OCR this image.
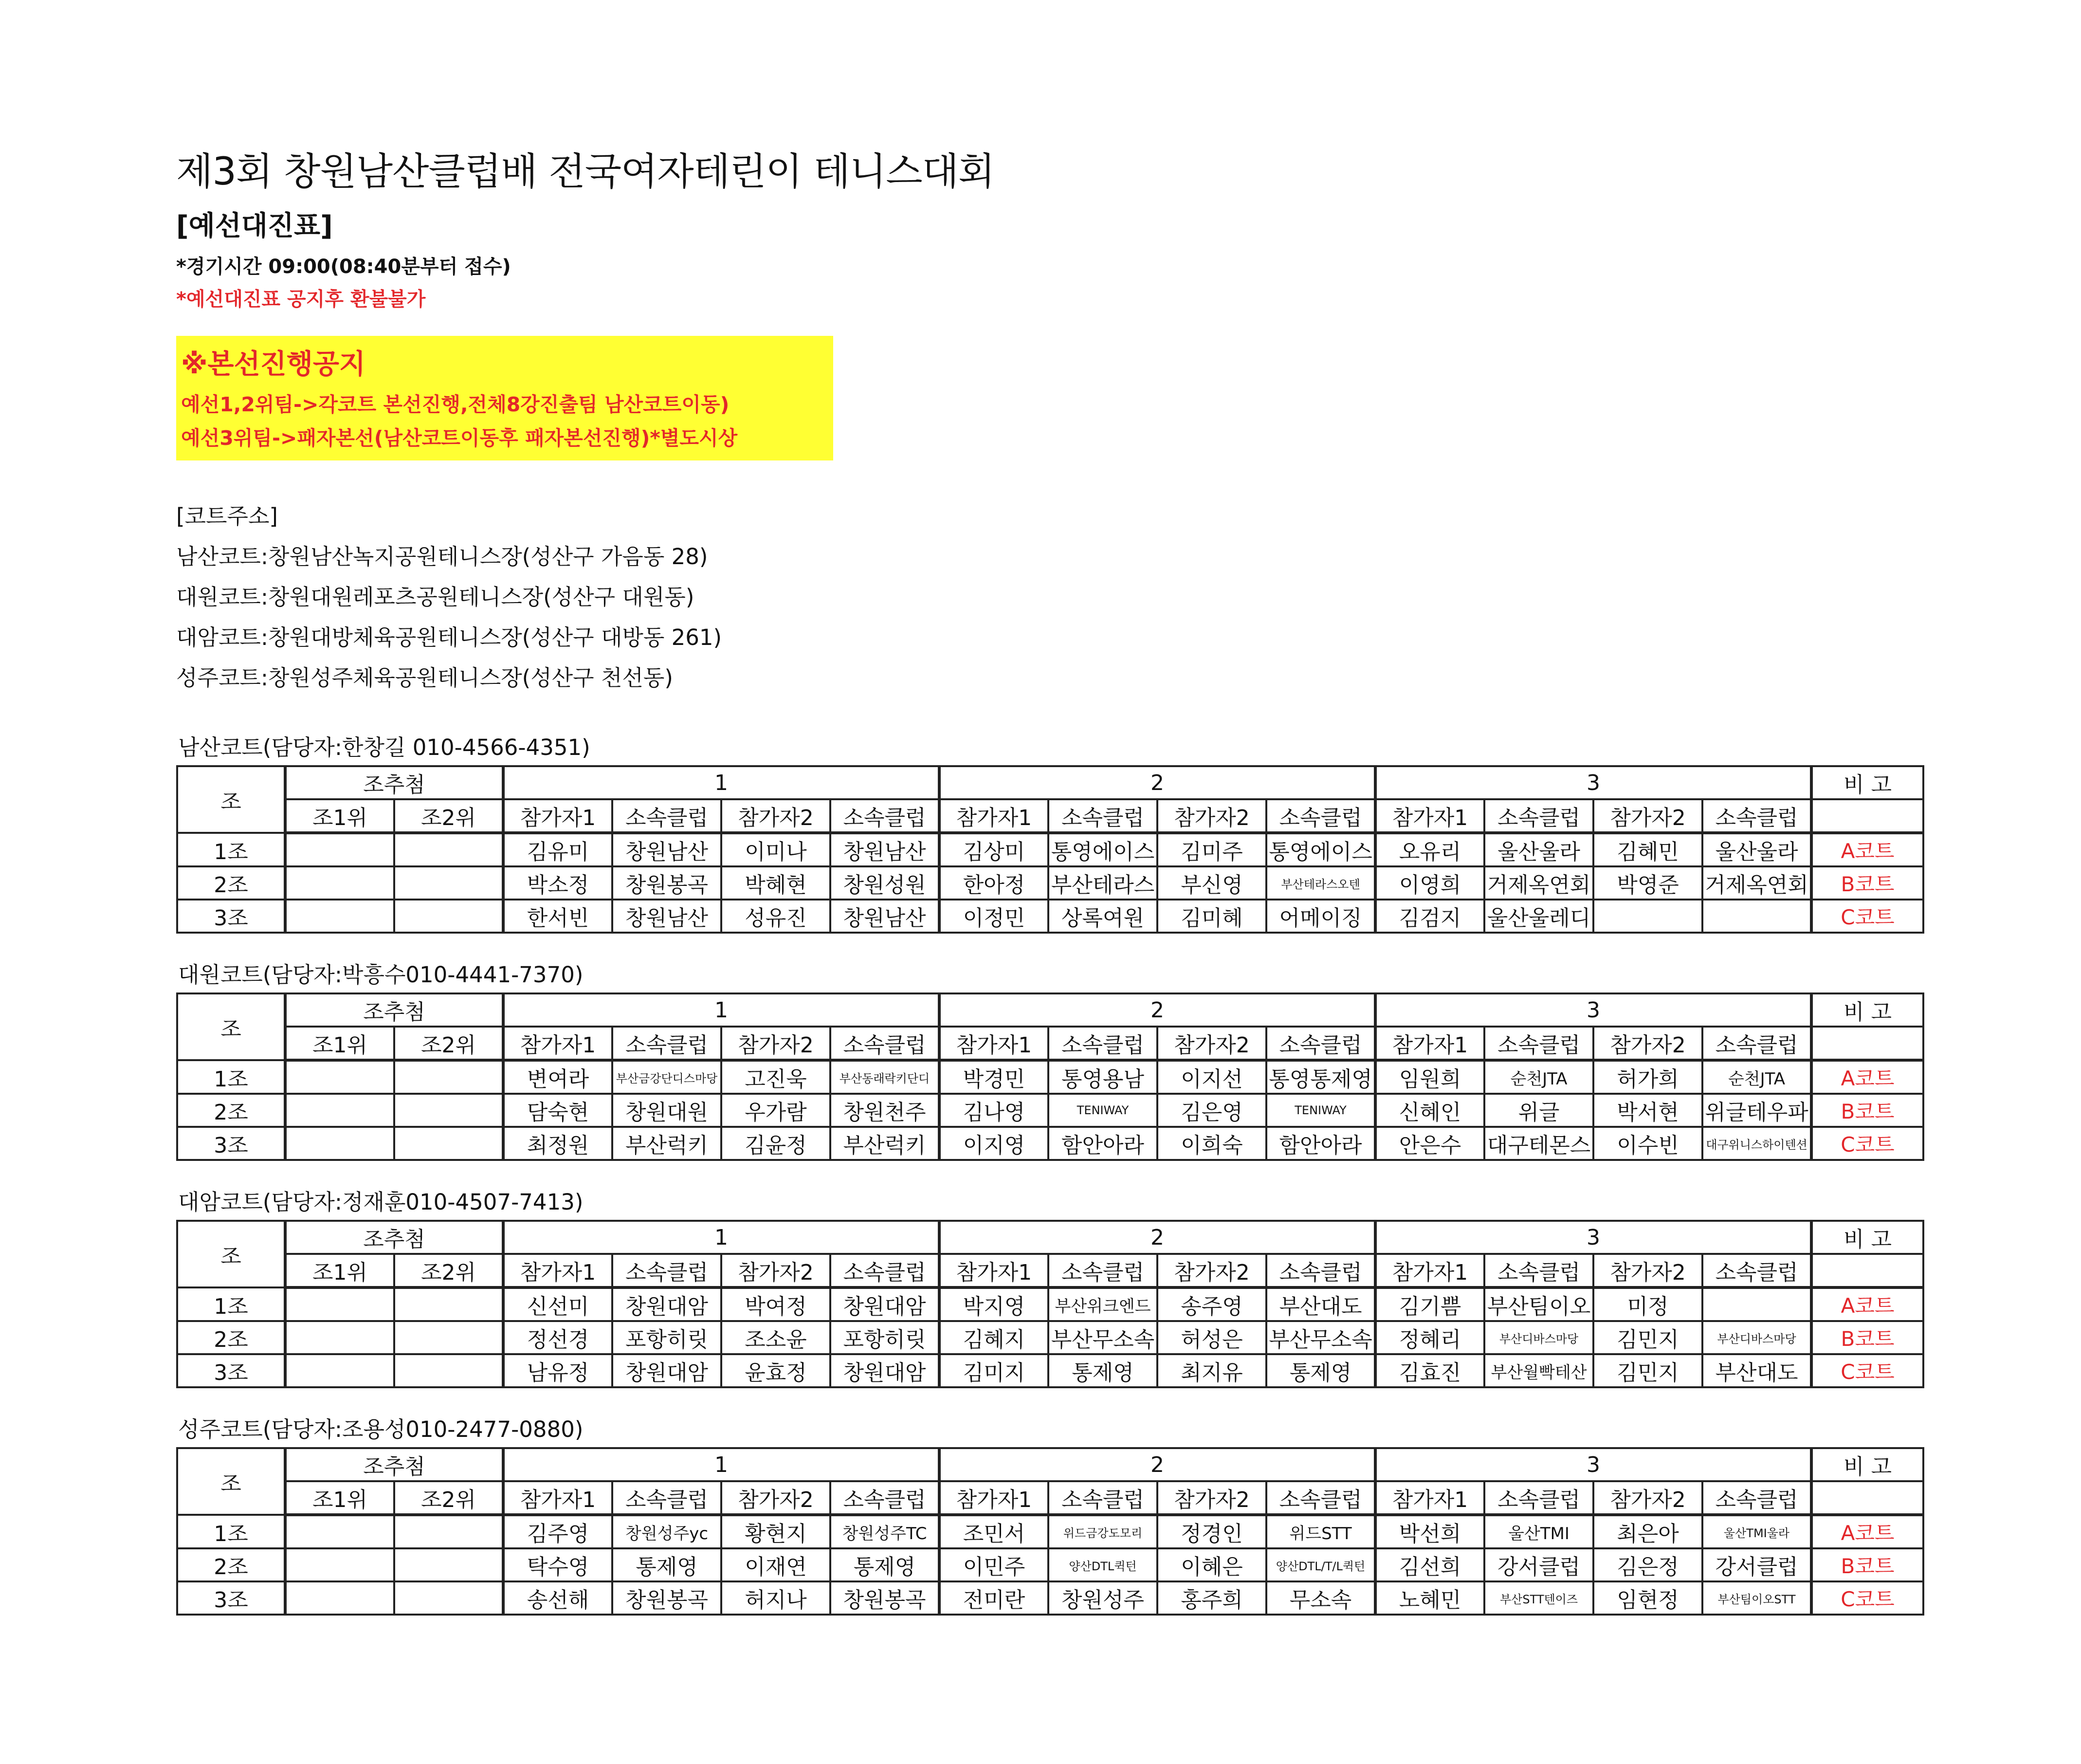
제3회 창원남산클럽배 전국여자테린이 테니스대회
[예선대진표]
*경기시간 09:00(08:40분부터 접수)
*예선대진표 공지후 환불불가
※본선진행공지
예선1,2위팀->각코트 본선진행,전체8강진출팀 남산코트이동)
예선3위팀->패자본선(남산코트이동후 패자본선진행)*별도시상
[코트주소]
남산코트:창원남산녹지공원테니스장(성산구 가음동 28)
대원코트:창원대원레포츠공원테니스장(성산구 대원동)
대암코트:창원대방체육공원테니스장(성산구 대방동 261)
성주코트:창원성주체육공원테니스장(성산구 천선동)
남산코트(담당자:한창길 010-4566-4351)
조	조추첨		1				2				3				비 고
	조1위	조2위	참가자1	소속클럽	참가자2	소속클럽	참가자1	소속클럽	참가자2	소속클럽	참가자1	소속클럽	참가자2	소속클럽	
1조			김유미	창원남산	이미나	창원남산	김상미	통영에이스	김미주	통영에이스	오유리	울산울라	김혜민	울산울라	A코트
2조			박소정	창원봉곡	박혜현	창원성원	한아정	부산테라스	부신영	부산테라스오텐	이영희	거제옥연회	박영준	거제옥연회	B코트
3조			한서빈	창원남산	성유진	창원남산	이정민	상록여원	김미혜	어메이징	김검지	울산울레디			C코트
대원코트(담당자:박흥수010-4441-7370)
조	조추첨		1				2				3				비 고
	조1위	조2위	참가자1	소속클럽	참가자2	소속클럽	참가자1	소속클럽	참가자2	소속클럽	참가자1	소속클럽	참가자2	소속클럽	
1조			변여라	부산금강단디스마당	고진욱	부산동래락키단디	박경민	통영용남	이지선	통영통제영	임원희	순천JTA	허가희	순천JTA	A코트
2조			담숙현	창원대원	우가람	창원천주	김나영	TENIWAY	김은영	TENIWAY	신혜인	위글	박서현	위글테우파	B코트
3조			최정원	부산럭키	김윤정	부산럭키	이지영	함안아라	이희숙	함안아라	안은수	대구테몬스	이수빈	대구위니스하이텐션	C코트
대암코트(담당자:정재훈010-4507-7413)
조	조추첨		1				2				3				비 고
	조1위	조2위	참가자1	소속클럽	참가자2	소속클럽	참가자1	소속클럽	참가자2	소속클럽	참가자1	소속클럽	참가자2	소속클럽	
1조			신선미	창원대암	박여정	창원대암	박지영	부산위크엔드	송주영	부산대도	김기쁨	부산팀이오	미정		A코트
2조			정선경	포항히릿	조소윤	포항히릿	김혜지	부산무소속	허성은	부산무소속	정혜리	부산디바스마당	김민지	부산디바스마당	B코트
3조			남유정	창원대암	윤효정	창원대암	김미지	통제영	최지유	통제영	김효진	부산월빡테산	김민지	부산대도	C코트
성주코트(담당자:조용성010-2477-0880)
조	조추첨		1				2				3				비 고
	조1위	조2위	참가자1	소속클럽	참가자2	소속클럽	참가자1	소속클럽	참가자2	소속클럽	참가자1	소속클럽	참가자2	소속클럽	
1조			김주영	창원성주yc	황현지	창원성주TC	조민서	위드금강도모리	정경인	위드STT	박선희	울산TMI	최은아	울산TMI울라	A코트
2조			탁수영	통제영	이재연	통제영	이민주	양산DTL퀵턴	이혜은	양산DTL/T/L퀵턴	김선희	강서클럽	김은정	강서클럽	B코트
3조			송선해	창원봉곡	허지나	창원봉곡	전미란	창원성주	홍주희	무소속	노혜민	부산STT텐이즈	임현정	부산팀이오STT	C코트
